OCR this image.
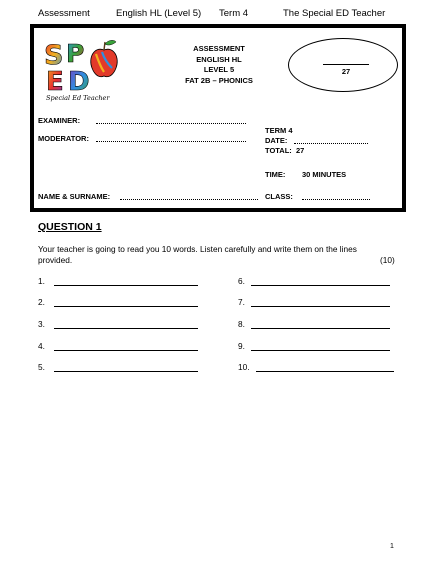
Assessment	English HL (Level 5) Term 4	The Special ED Teacher
S P
E D
Special Ed Teacher
ASSESSMENT
ENGLISH HL
LEVEL 5
FAT 2B – PHONICS
27
EXAMINER:
MODERATOR:
TERM 4
DATE:
TOTAL: 27
TIME: 30 MINUTES
NAME & SURNAME:	CLASS:
QUESTION 1
Your teacher is going to read you 10 words. Listen carefully and write them on the lines provided.	(10)
1.
2.
3.
4.
5.
6.
7.
8.
9.
10.
1
